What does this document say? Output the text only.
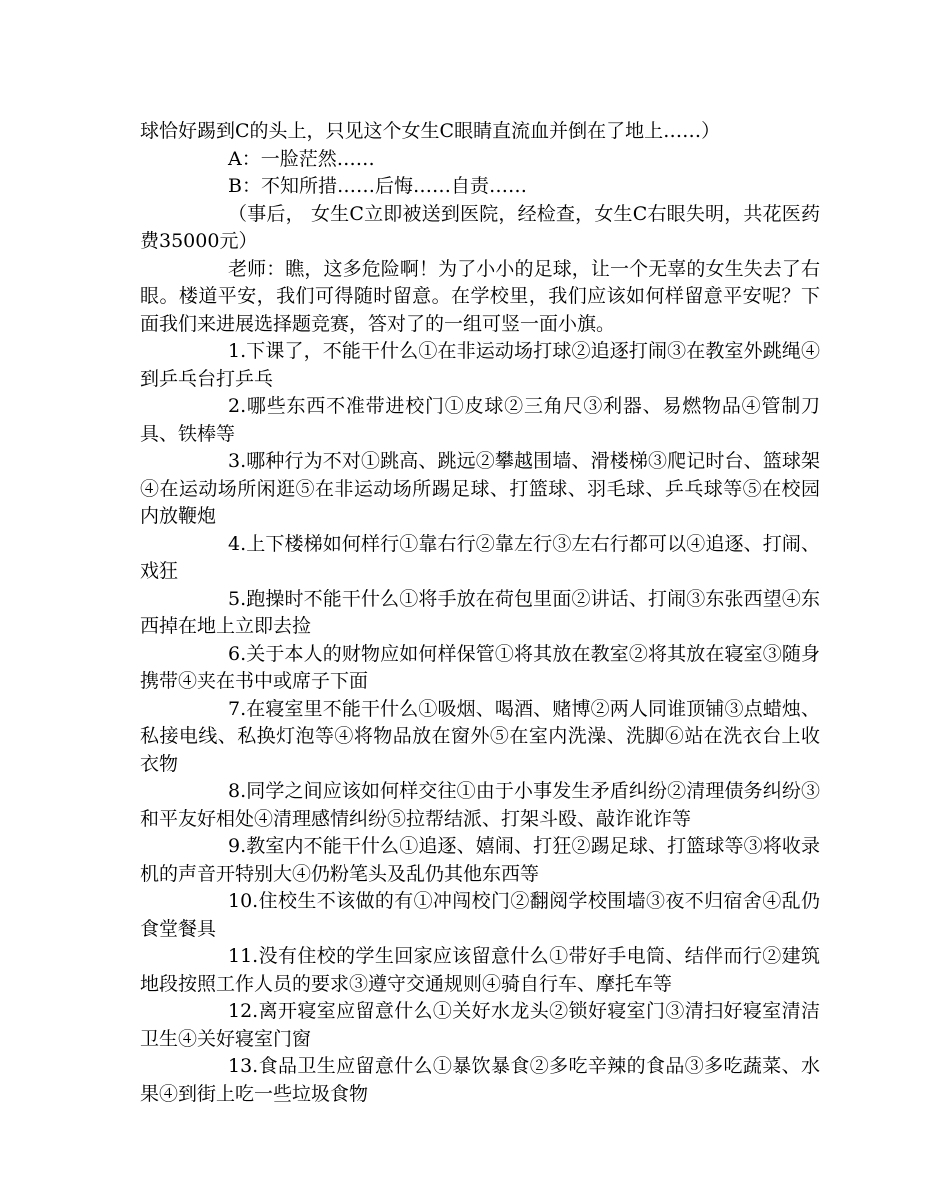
球恰好踢到C的头上，只见这个女生C眼睛直流血并倒在了地上……）

A：一脸茫然……

B：不知所措……后悔……自责……

（事后， 女生C立即被送到医院，经检查，女生C右眼失明，共花医药费35000元）

老师：瞧，这多危险啊！为了小小的足球，让一个无辜的女生失去了右眼。楼道平安，我们可得随时留意。在学校里，我们应该如何样留意平安呢？下面我们来进展选择题竞赛，答对了的一组可竖一面小旗。

1.下课了，不能干什么①在非运动场打球②追逐打闹③在教室外跳绳④到乒乓台打乒乓

2.哪些东西不准带进校门①皮球②三角尺③利器、易燃物品④管制刀具、铁棒等

3.哪种行为不对①跳高、跳远②攀越围墙、滑楼梯③爬记时台、篮球架④在运动场所闲逛⑤在非运动场所踢足球、打篮球、羽毛球、乒乓球等⑤在校园内放鞭炮

4.上下楼梯如何样行①靠右行②靠左行③左右行都可以④追逐、打闹、戏狂

5.跑操时不能干什么①将手放在荷包里面②讲话、打闹③东张西望④东西掉在地上立即去捡

6.关于本人的财物应如何样保管①将其放在教室②将其放在寝室③随身携带④夹在书中或席子下面

7.在寝室里不能干什么①吸烟、喝酒、赌博②两人同谁顶铺③点蜡烛、私接电线、私换灯泡等④将物品放在窗外⑤在室内洗澡、洗脚⑥站在洗衣台上收衣物

8.同学之间应该如何样交往①由于小事发生矛盾纠纷②清理债务纠纷③和平友好相处④清理感情纠纷⑤拉帮结派、打架斗殴、敲诈讹诈等

9.教室内不能干什么①追逐、嬉闹、打狂②踢足球、打篮球等③将收录机的声音开特别大④仍粉笔头及乱仍其他东西等

10.住校生不该做的有①冲闯校门②翻阅学校围墙③夜不归宿舍④乱仍食堂餐具

11.没有住校的学生回家应该留意什么①带好手电筒、结伴而行②建筑地段按照工作人员的要求③遵守交通规则④骑自行车、摩托车等

12.离开寝室应留意什么①关好水龙头②锁好寝室门③清扫好寝室清洁卫生④关好寝室门窗

13.食品卫生应留意什么①暴饮暴食②多吃辛辣的食品③多吃蔬菜、水果④到街上吃一些垃圾食物
